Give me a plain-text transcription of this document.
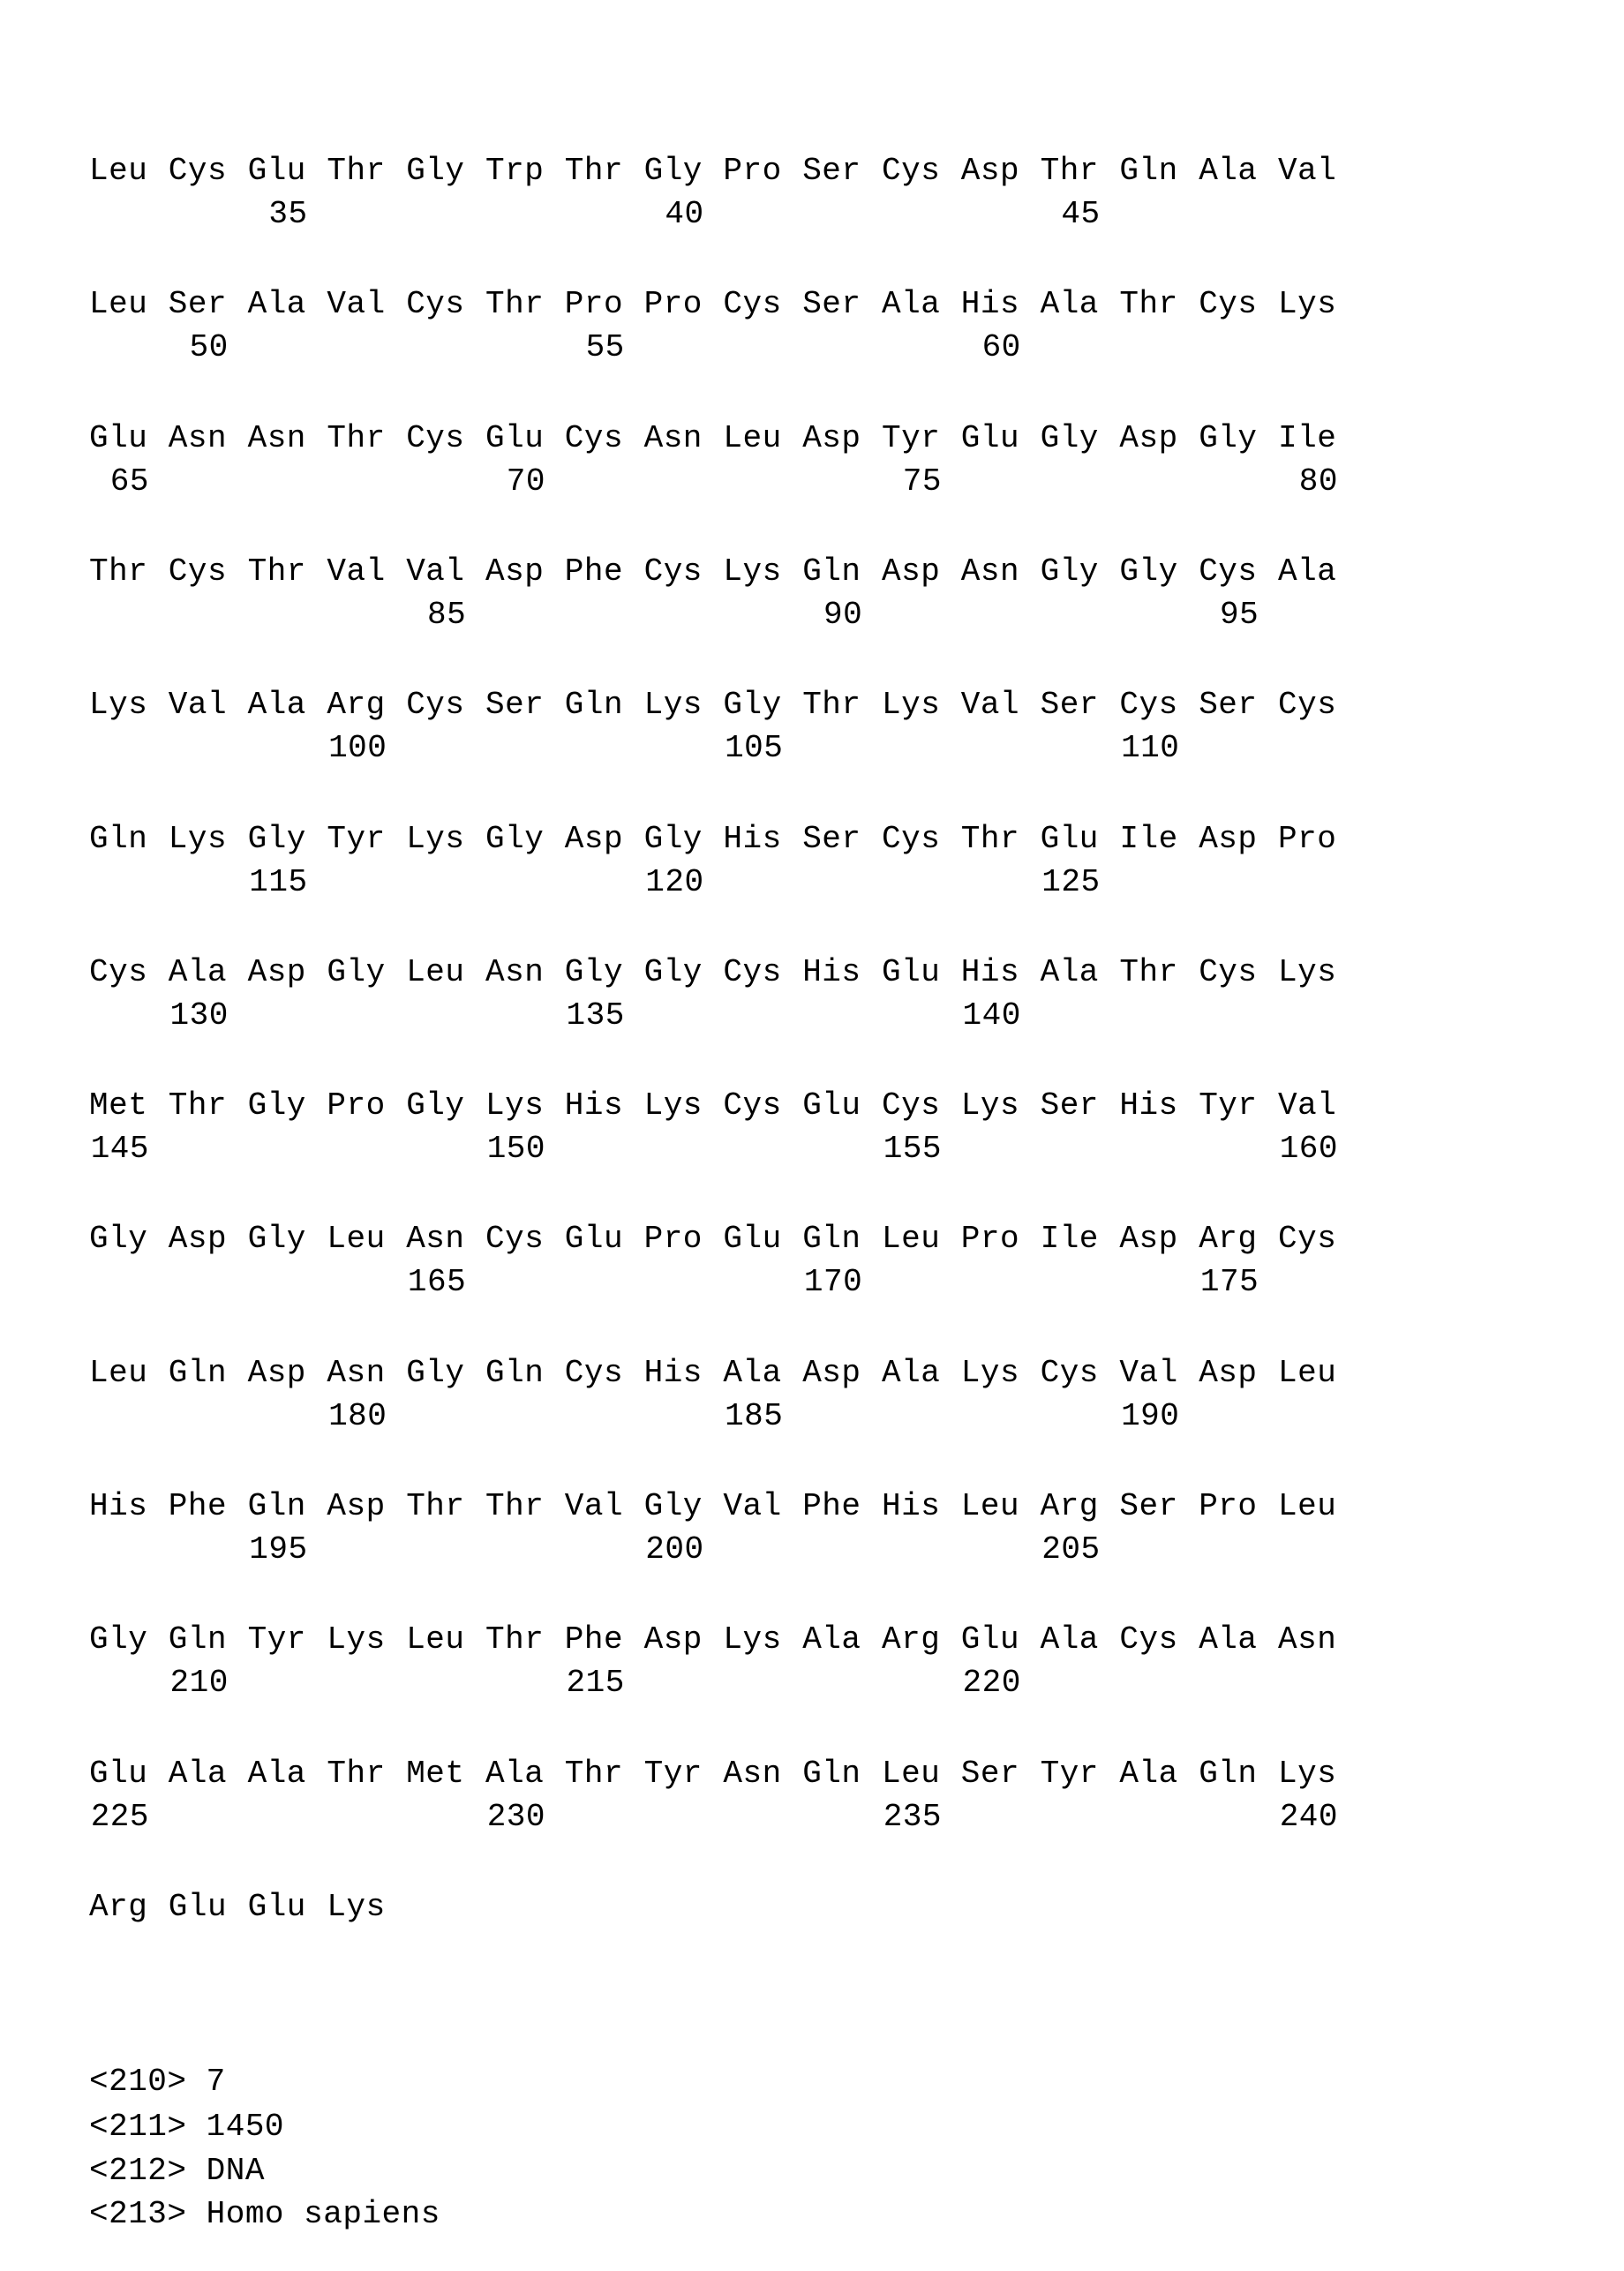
Leu Cys Glu Thr Gly Trp Thr Gly Pro Ser Cys Asp Thr Gln Ala Val
35	40	45
Leu Ser Ala Val Cys Thr Pro Pro Cys Ser Ala His Ala Thr Cys Lys
50	55	60
Glu Asn Asn Thr Cys Glu Cys Asn Leu Asp Tyr Glu Gly Asp Gly Ile
65	70	75	80
Thr Cys Thr Val Val Asp Phe Cys Lys Gln Asp Asn Gly Gly Cys Ala
85	90	95
Lys Val Ala Arg Cys Ser Gln Lys Gly Thr Lys Val Ser Cys Ser Cys
100	105	110
Gln Lys Gly Tyr Lys Gly Asp Gly His Ser Cys Thr Glu Ile Asp Pro
115	120	125
Cys Ala Asp Gly Leu Asn Gly Gly Cys His Glu His Ala Thr Cys Lys
130	135	140
Met Thr Gly Pro Gly Lys His Lys Cys Glu Cys Lys Ser His Tyr Val
145	150	155	160
Gly Asp Gly Leu Asn Cys Glu Pro Glu Gln Leu Pro Ile Asp Arg Cys
165	170	175
Leu Gln Asp Asn Gly Gln Cys His Ala Asp Ala Lys Cys Val Asp Leu
180	185	190
His Phe Gln Asp Thr Thr Val Gly Val Phe His Leu Arg Ser Pro Leu
195	200	205
Gly Gln Tyr Lys Leu Thr Phe Asp Lys Ala Arg Glu Ala Cys Ala Asn
210	215	220
Glu Ala Ala Thr Met Ala Thr Tyr Asn Gln Leu Ser Tyr Ala Gln Lys
225	230	235	240
Arg Glu Glu Lys
<210> 7
<211> 1450
<212> DNA
<213> Homo sapiens
